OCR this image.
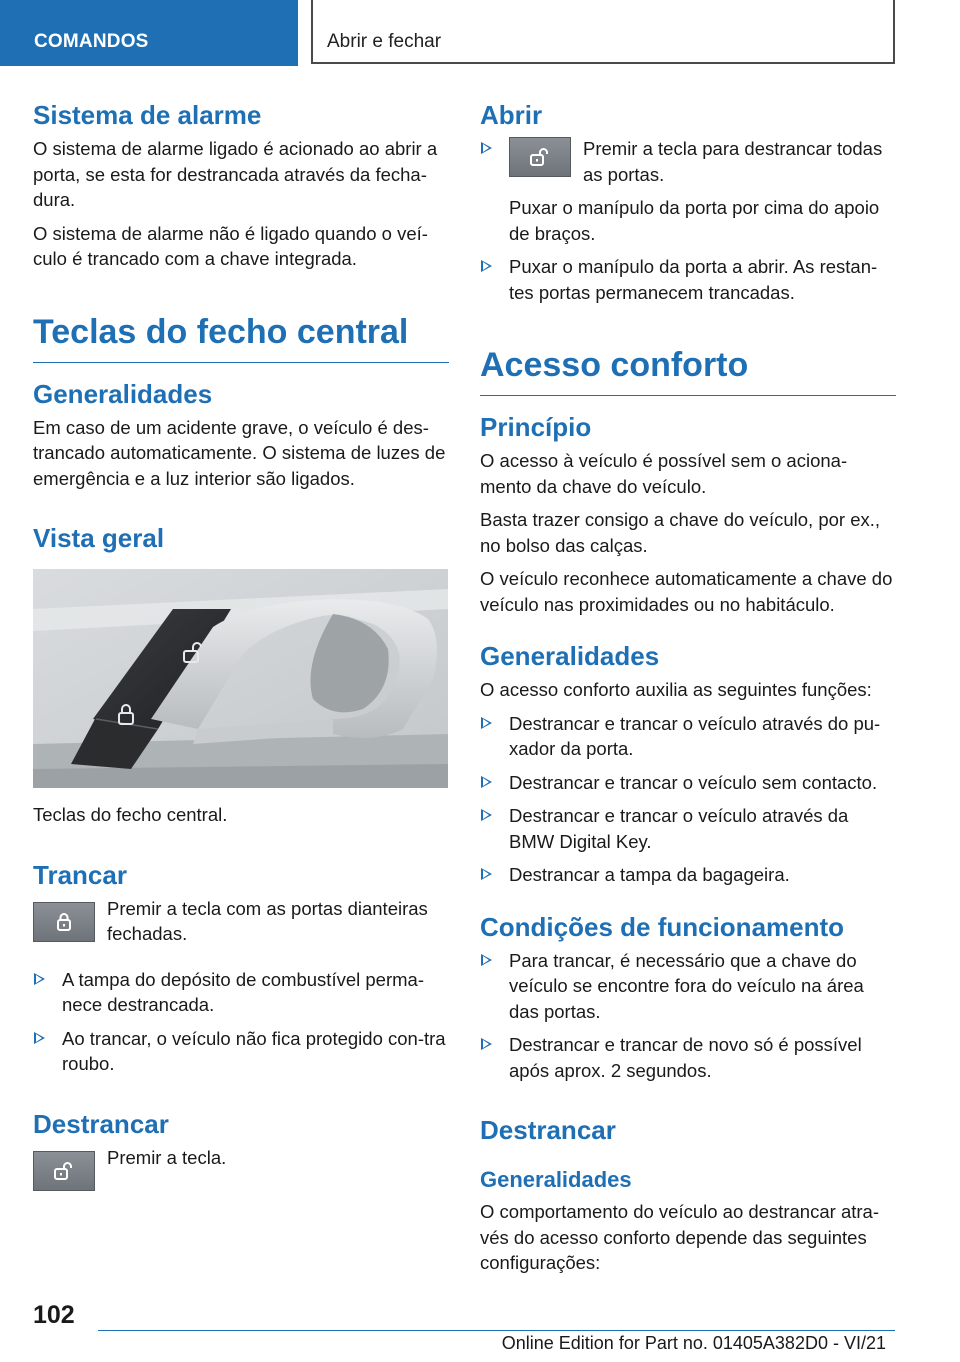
COMANDOS	Abrir e fechar
Sistema de alarme

O sistema de alarme ligado é acionado ao abrir a porta, se esta for destrancada através da fecha‐dura.

O sistema de alarme não é ligado quando o veí‐culo é trancado com a chave integrada.

Teclas do fecho central
Generalidades

Em caso de um acidente grave, o veículo é des‐trancado automaticamente. O sistema de luzes de emergência e a luz interior são ligados.

Vista geral

Teclas do fecho central.

Trancar

Premir a tecla com as portas dianteiras fechadas.

A tampa do depósito de combustível perma‐nece destrancada.
Ao trancar, o veículo não fica protegido con‐tra roubo.
Destrancar

Premir a tecla.

Abrir
Premir a tecla para destrancar todas as portas.
Puxar o manípulo da porta por cima do apoio de braços.
Puxar o manípulo da porta a abrir. As restan‐tes portas permanecem trancadas.
Acesso conforto
Princípio

O acesso à veículo é possível sem o aciona‐mento da chave do veículo.

Basta trazer consigo a chave do veículo, por ex., no bolso das calças.

O veículo reconhece automaticamente a chave do veículo nas proximidades ou no habitáculo.

Generalidades

O acesso conforto auxilia as seguintes funções:

Destrancar e trancar o veículo através do pu‐xador da porta.
Destrancar e trancar o veículo sem contacto.
Destrancar e trancar o veículo através da BMW Digital Key.
Destrancar a tampa da bagageira.
Condições de funcionamento
Para trancar, é necessário que a chave do veículo se encontre fora do veículo na área das portas.
Destrancar e trancar de novo só é possível após aprox. 2 segundos.
Destrancar
Generalidades

O comportamento do veículo ao destrancar atra‐vés do acesso conforto depende das seguintes configurações:

102
Online Edition for Part no. 01405A382D0 - VI/21
